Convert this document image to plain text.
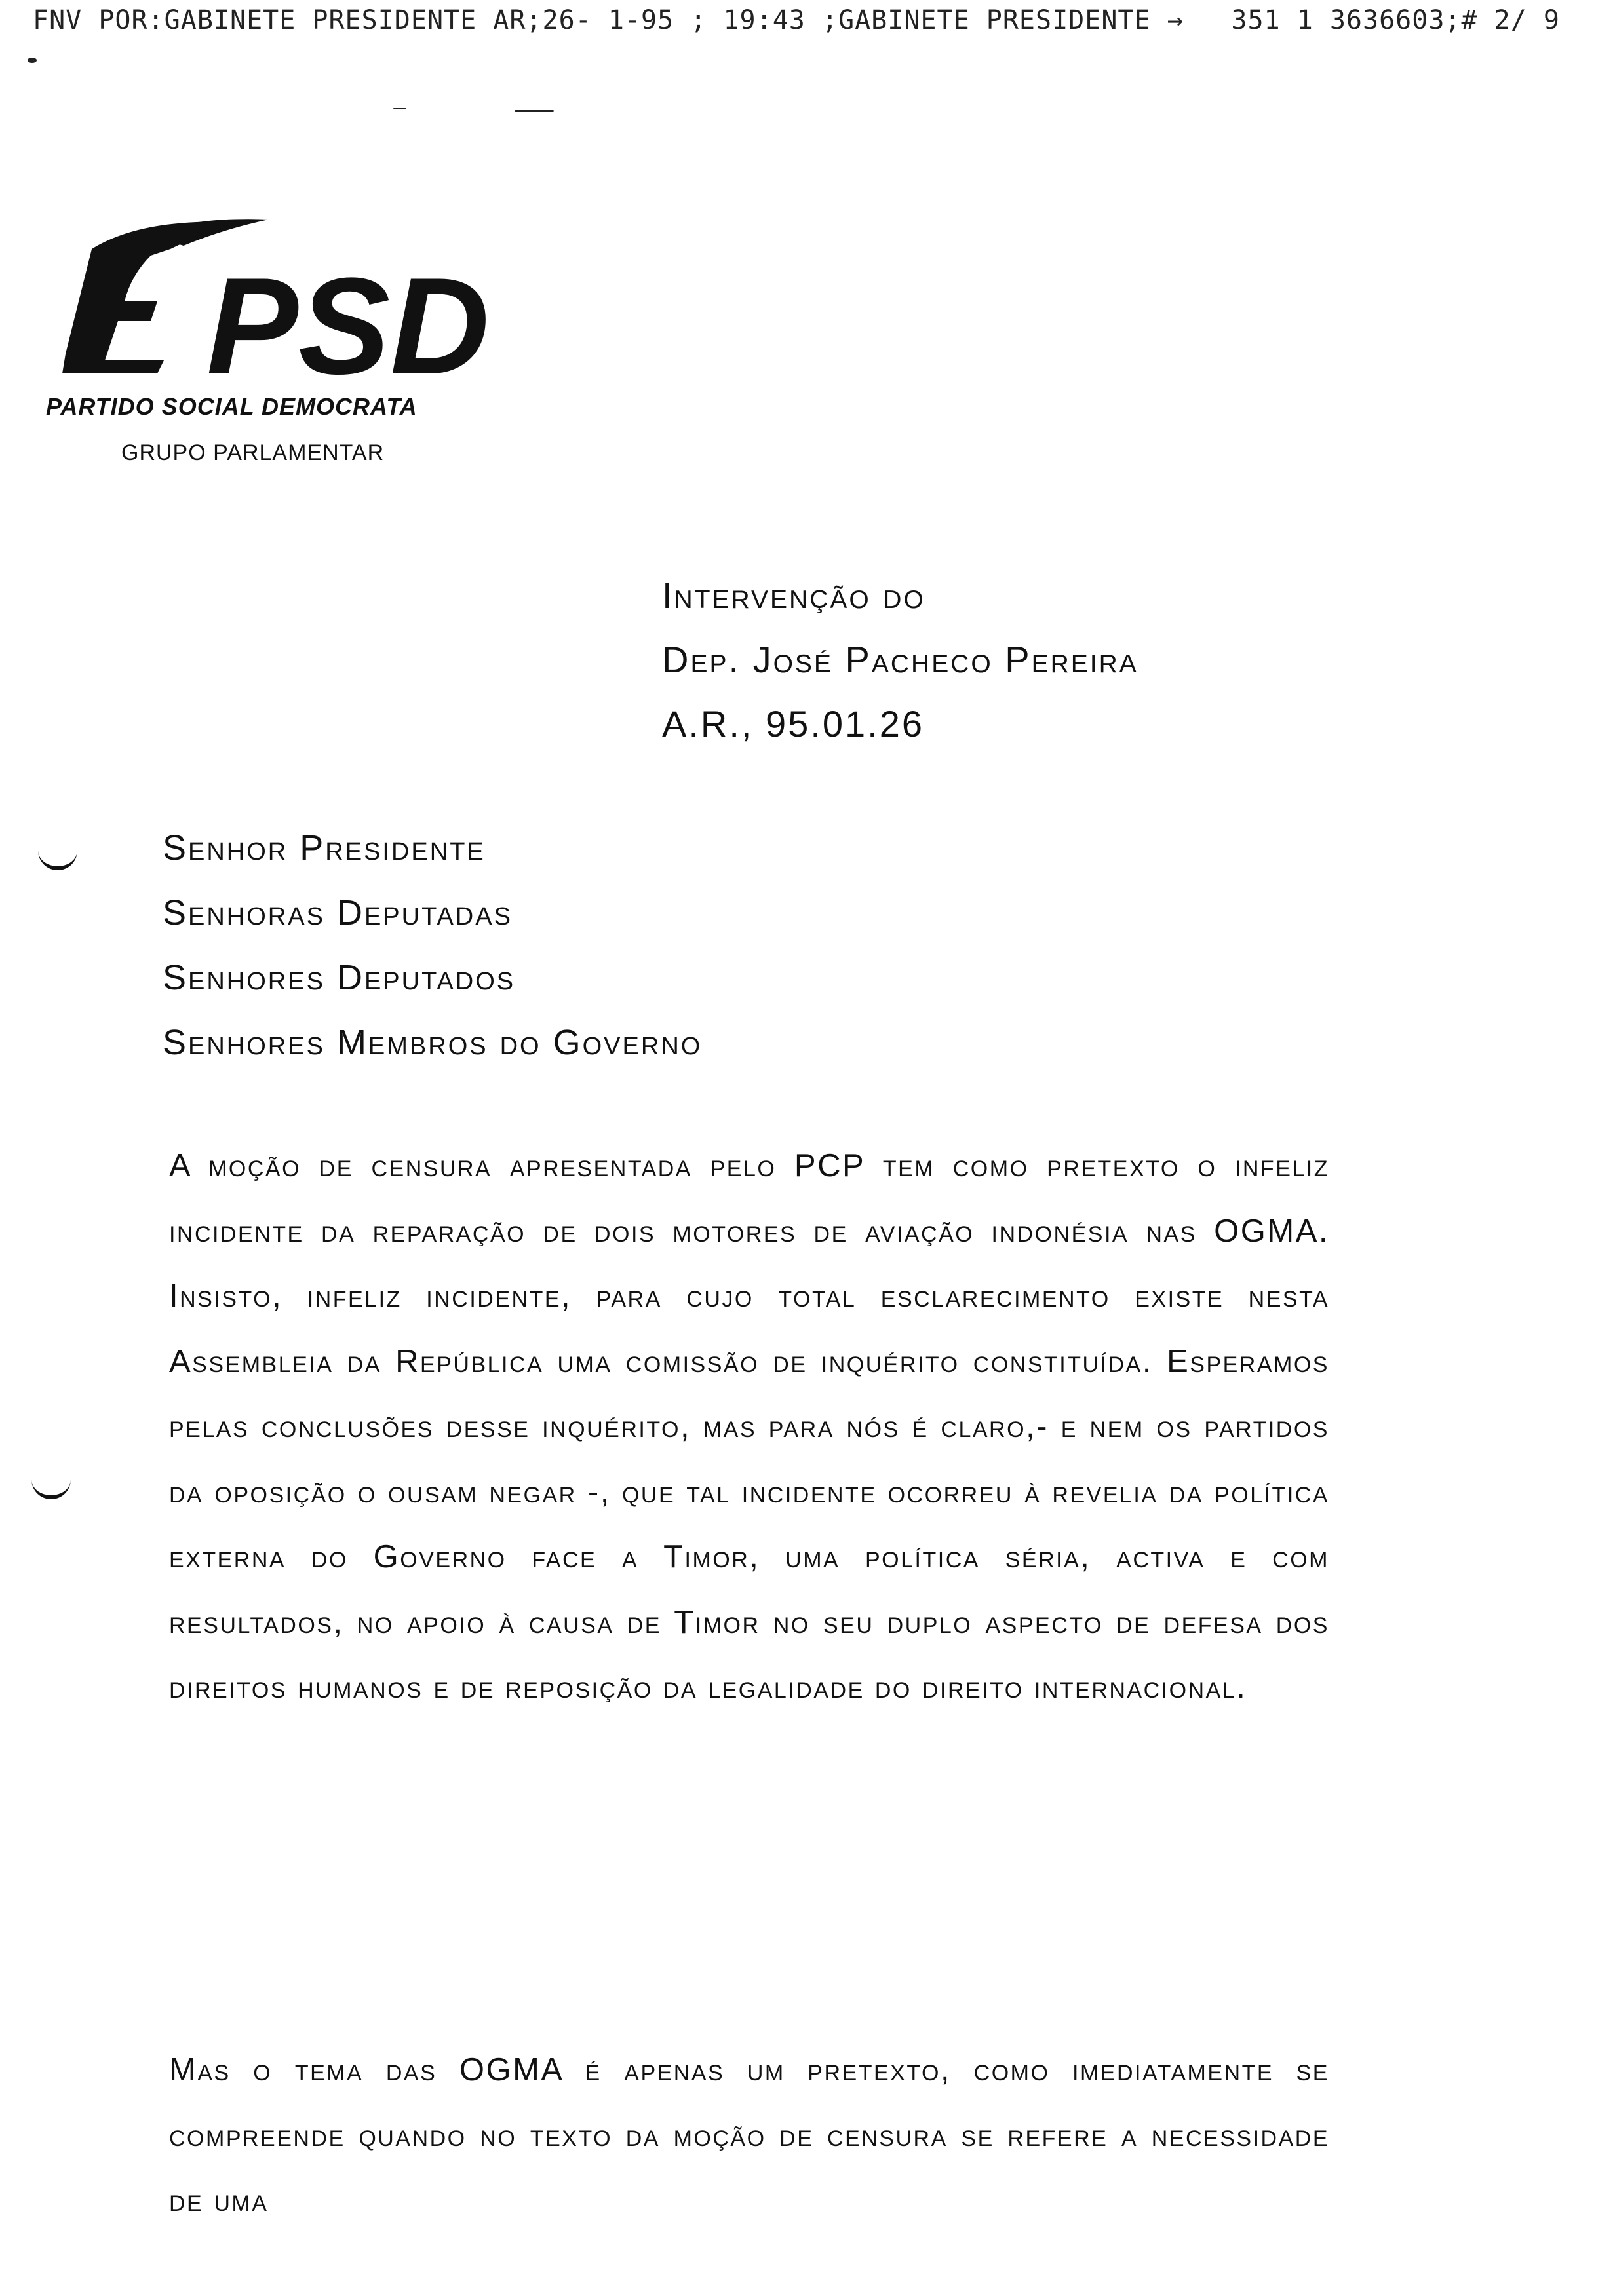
FNV POR:GABINETE PRESIDENTE AR;26- 1-95 ; 19:43 ;GABINETE PRESIDENTE → 351 1 3636603;# 2/ 9
PSD
PARTIDO SOCIAL DEMOCRATA
GRUPO PARLAMENTAR
Intervenção do
Dep. José Pacheco Pereira
A.R., 95.01.26
Senhor Presidente
Senhoras Deputadas
Senhores Deputados
Senhores Membros do Governo

A moção de censura apresentada pelo PCP tem como pretexto o infeliz incidente da reparação de dois motores de aviação indonésia nas OGMA. Insisto, infeliz incidente, para cujo total esclarecimento existe nesta Assembleia da República uma comissão de inquérito constituída. Esperamos pelas conclusões desse inquérito, mas para nós é claro,- e nem os partidos da oposição o ousam negar -, que tal incidente ocorreu à revelia da política externa do Governo face a Timor, uma política séria, activa e com resultados, no apoio à causa de Timor no seu duplo aspecto de defesa dos direitos humanos e de reposição da legalidade do direito internacional.

Mas o tema das OGMA é apenas um pretexto, como imediatamente se compreende quando no texto da moção de censura se refere a necessidade de uma
